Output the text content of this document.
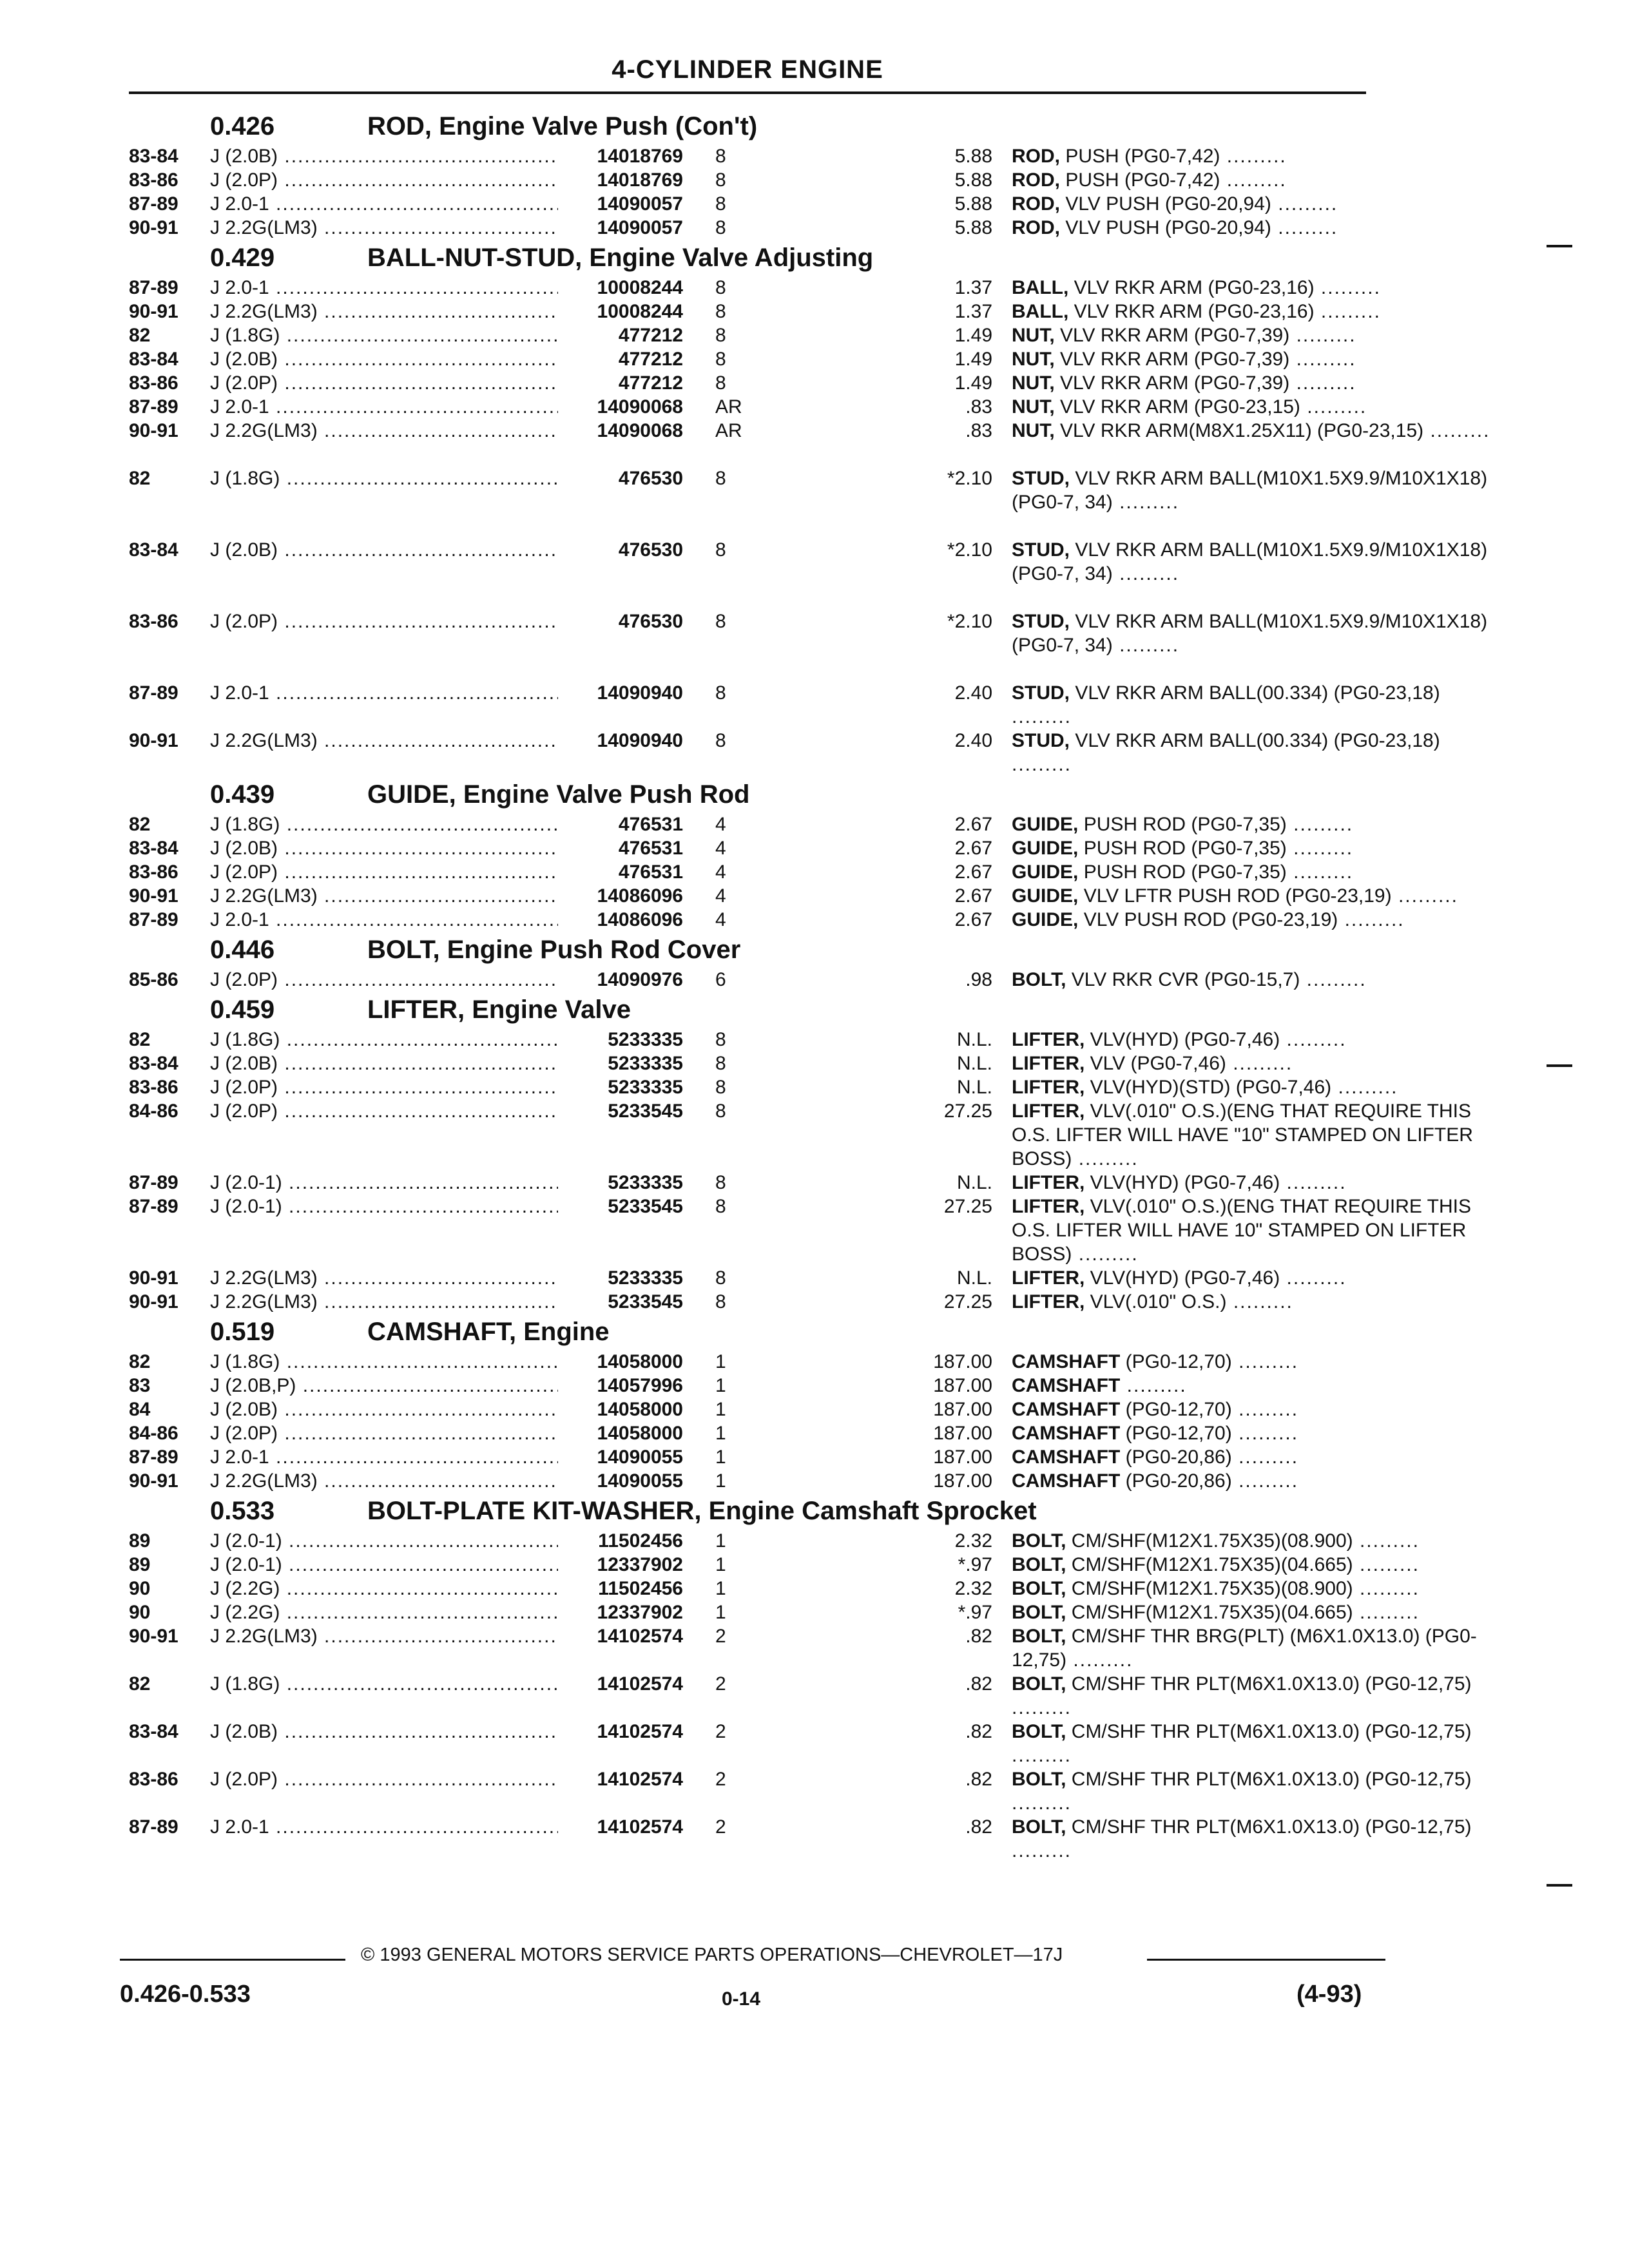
4-CYLINDER ENGINE
0.426	ROD, Engine Valve Push (Con't)
83-84 J (2.0B) .....	14018769 8	5.88 ROD, PUSH (PG0-7,42) .........
83-86 J (2.0P) .....	14018769 8	5.88 ROD, PUSH (PG0-7,42) .........
87-89 J 2.0-1 .....	14090057 8	5.88 ROD, VLV PUSH (PG0-20,94) .........
90-91 J 2.2G(LM3) .....	14090057 8	5.88 ROD, VLV PUSH (PG0-20,94) .........
0.429	BALL-NUT-STUD, Engine Valve Adjusting
87-89 J 2.0-1 .....	10008244 8	1.37 BALL, VLV RKR ARM (PG0-23,16) .........
90-91 J 2.2G(LM3) .....	10008244 8	1.37 BALL, VLV RKR ARM (PG0-23,16) .........
82	J (1.8G) .....	477212 8	1.49 NUT, VLV RKR ARM (PG0-7,39) .........
83-84 J (2.0B) .....	477212 8	1.49 NUT, VLV RKR ARM (PG0-7,39) .........
83-86 J (2.0P) .....	477212 8	1.49 NUT, VLV RKR ARM (PG0-7,39) .........
87-89 J 2.0-1 .....	14090068 AR	.83 NUT, VLV RKR ARM (PG0-23,15) .........
90-91 J 2.2G(LM3) .....	14090068 AR	.83 NUT, VLV RKR ARM(M8X1.25X11) (PG0-23,15) .........
82	J (1.8G) .....	476530 8	*2.10 STUD, VLV RKR ARM BALL(M10X1.5X9.9/M10X1X18) (PG0-7, 34) .........
83-84 J (2.0B) .....	476530 8	*2.10 STUD, VLV RKR ARM BALL(M10X1.5X9.9/M10X1X18) (PG0-7, 34) .........
83-86 J (2.0P) .....	476530 8	*2.10 STUD, VLV RKR ARM BALL(M10X1.5X9.9/M10X1X18) (PG0-7, 34) .........
87-89 J 2.0-1 .....	14090940 8	2.40 STUD, VLV RKR ARM BALL(00.334) (PG0-23,18) .........
90-91 J 2.2G(LM3) .....	14090940 8	2.40 STUD, VLV RKR ARM BALL(00.334) (PG0-23,18) .........
0.439	GUIDE, Engine Valve Push Rod
82	J (1.8G) .....	476531 4	2.67 GUIDE, PUSH ROD (PG0-7,35) .........
83-84 J (2.0B) .....	476531 4	2.67 GUIDE, PUSH ROD (PG0-7,35) .........
83-86 J (2.0P) .....	476531 4	2.67 GUIDE, PUSH ROD (PG0-7,35) .........
90-91 J 2.2G(LM3) .....	14086096 4	2.67 GUIDE, VLV LFTR PUSH ROD (PG0-23,19) .........
87-89 J 2.0-1 .....	14086096 4	2.67 GUIDE, VLV PUSH ROD (PG0-23,19) .........
0.446	BOLT, Engine Push Rod Cover
85-86 J (2.0P) .....	14090976 6	.98 BOLT, VLV RKR CVR (PG0-15,7) .........
0.459	LIFTER, Engine Valve
82	J (1.8G) .....	5233335 8	N.L. LIFTER, VLV(HYD) (PG0-7,46) .........
83-84 J (2.0B) .....	5233335 8	N.L. LIFTER, VLV (PG0-7,46) .........
83-86 J (2.0P) .....	5233335 8	N.L. LIFTER, VLV(HYD)(STD) (PG0-7,46) .........
84-86 J (2.0P) .....	5233545 8	27.25 LIFTER, VLV(.010" O.S.)(ENG THAT REQUIRE THIS O.S. LIFTER WILL HAVE "10" STAMPED ON LIFTER BOSS) .........
87-89 J (2.0-1) .....	5233335 8	N.L. LIFTER, VLV(HYD) (PG0-7,46) .........
87-89 J (2.0-1) .....	5233545 8	27.25 LIFTER, VLV(.010" O.S.)(ENG THAT REQUIRE THIS O.S. LIFTER WILL HAVE 10" STAMPED ON LIFTER BOSS) .........
90-91 J 2.2G(LM3) .....	5233335 8	N.L. LIFTER, VLV(HYD) (PG0-7,46) .........
90-91 J 2.2G(LM3) .....	5233545 8	27.25 LIFTER, VLV(.010" O.S.) .........
0.519	CAMSHAFT, Engine
82	J (1.8G) .....	14058000 1	187.00 CAMSHAFT (PG0-12,70) .........
83	J (2.0B,P) .....	14057996 1	187.00 CAMSHAFT .........
84	J (2.0B) .....	14058000 1	187.00 CAMSHAFT (PG0-12,70) .........
84-86 J (2.0P) .....	14058000 1	187.00 CAMSHAFT (PG0-12,70) .........
87-89 J 2.0-1 .....	14090055 1	187.00 CAMSHAFT (PG0-20,86) .........
90-91 J 2.2G(LM3) .....	14090055 1	187.00 CAMSHAFT (PG0-20,86) .........
0.533	BOLT-PLATE KIT-WASHER, Engine Camshaft Sprocket
89	J (2.0-1) .....	11502456 1	2.32 BOLT, CM/SHF(M12X1.75X35)(08.900) .........
89	J (2.0-1) .....	12337902 1	*.97 BOLT, CM/SHF(M12X1.75X35)(04.665) .........
90	J (2.2G) .....	11502456 1	2.32 BOLT, CM/SHF(M12X1.75X35)(08.900) .........
90	J (2.2G) .....	12337902 1	*.97 BOLT, CM/SHF(M12X1.75X35)(04.665) .........
90-91 J 2.2G(LM3) .....	14102574 2	.82 BOLT, CM/SHF THR BRG(PLT) (M6X1.0X13.0) (PG0-12,75) .........
82	J (1.8G) .....	14102574 2	.82 BOLT, CM/SHF THR PLT(M6X1.0X13.0) (PG0-12,75) .........
83-84 J (2.0B) .....	14102574 2	.82 BOLT, CM/SHF THR PLT(M6X1.0X13.0) (PG0-12,75) .........
83-86 J (2.0P) .....	14102574 2	.82 BOLT, CM/SHF THR PLT(M6X1.0X13.0) (PG0-12,75) .........
87-89 J 2.0-1 .....	14102574 2	.82 BOLT, CM/SHF THR PLT(M6X1.0X13.0) (PG0-12,75) .........
© 1993 GENERAL MOTORS SERVICE PARTS OPERATIONS—CHEVROLET—17J
0.426-0.533	0-14	(4-93)
